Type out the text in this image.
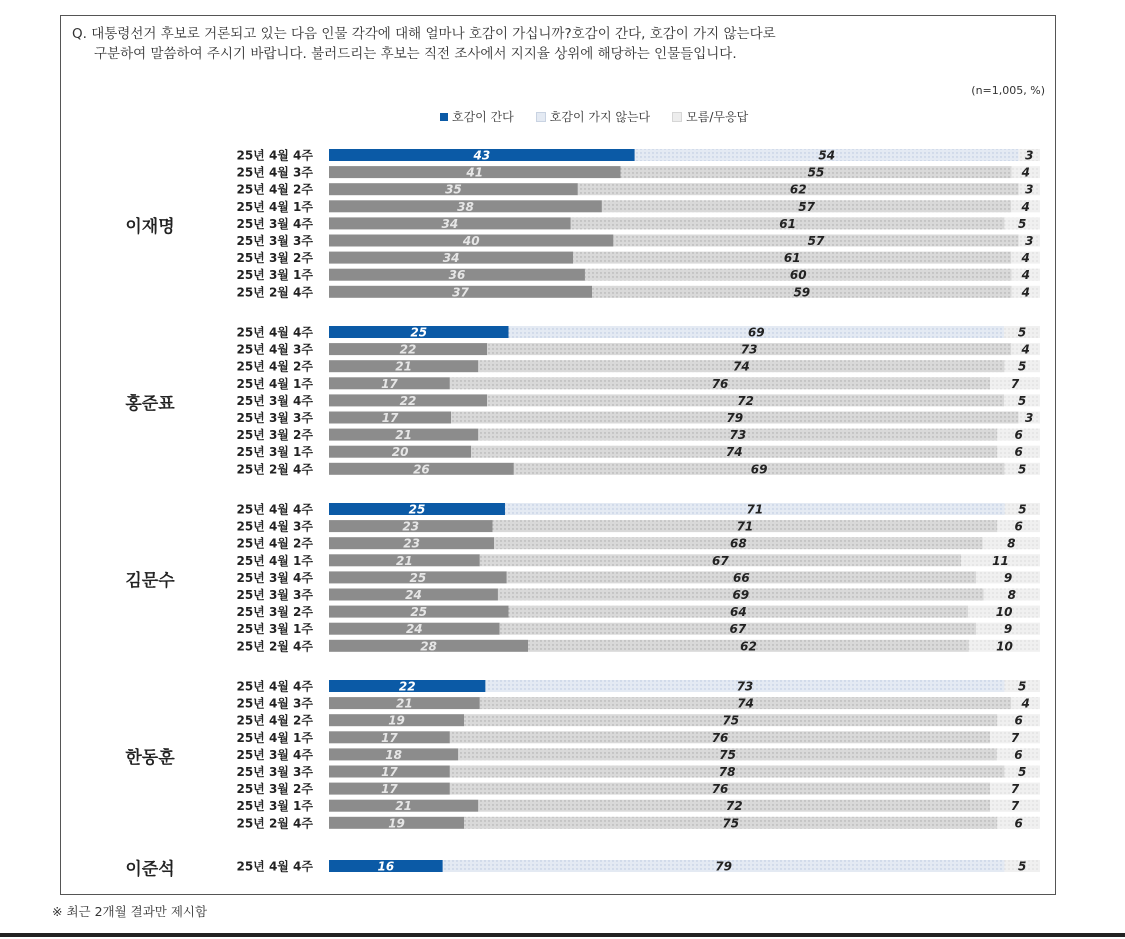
Q. 대통령선거 후보로 거론되고 있는 다음 인물 각각에 대해 얼마나 호감이 가십니까?호감이 간다, 호감이 가지 않는다로
구분하여 말씀하여 주시기 바랍니다. 불러드리는 후보는 직전 조사에서 지지율 상위에 해당하는 인물들입니다.
(n=1,005, %)
호감이 간다	호감이 가지 않는다	모름/무응답
이재명
25년 4월 4주	43	54	3
25년 4월 3주	41	55	4
25년 4월 2주	35	62	3
25년 4월 1주	38	57	4
25년 3월 4주	34	61	5
25년 3월 3주	40	57	3
25년 3월 2주	34	61	4
25년 3월 1주	36	60	4
25년 2월 4주	37	59	4
홍준표
25년 4월 4주	25	69	5
25년 4월 3주	22	73	4
25년 4월 2주	21	74	5
25년 4월 1주	17	76	7
25년 3월 4주	22	72	5
25년 3월 3주	17	79	3
25년 3월 2주	21	73	6
25년 3월 1주	20	74	6
25년 2월 4주	26	69	5
김문수
25년 4월 4주	25	71	5
25년 4월 3주	23	71	6
25년 4월 2주	23	68	8
25년 4월 1주	21	67	11
25년 3월 4주	25	66	9
25년 3월 3주	24	69	8
25년 3월 2주	25	64	10
25년 3월 1주	24	67	9
25년 2월 4주	28	62	10
한동훈
25년 4월 4주	22	73	5
25년 4월 3주	21	74	4
25년 4월 2주	19	75	6
25년 4월 1주	17	76	7
25년 3월 4주	18	75	6
25년 3월 3주	17	78	5
25년 3월 2주	17	76	7
25년 3월 1주	21	72	7
25년 2월 4주	19	75	6
이준석	25년 4월 4주	16	79	5
※ 최근 2개월 결과만 제시함
